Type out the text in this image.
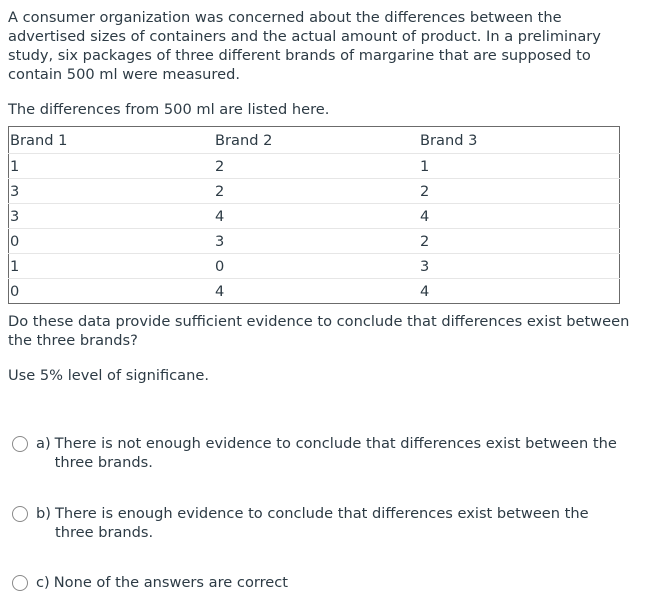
A consumer organization was concerned about the differences between the advertised sizes of containers and the actual amount of product. In a preliminary study, six packages of three different brands of margarine that are supposed to contain 500 ml were measured.

The differences from 500 ml are listed here.

Brand 1	Brand 2	Brand 3
1	2	1
3	2	2
3	4	4
0	3	2
1	0	3
0	4	4

Do these data provide sufficient evidence to conclude that differences exist between the three brands?

Use 5% level of significane.

a) There is not enough evidence to conclude that differences exist between the three brands.
b) There is enough evidence to conclude that differences exist between the three brands.
c) None of the answers are correct
